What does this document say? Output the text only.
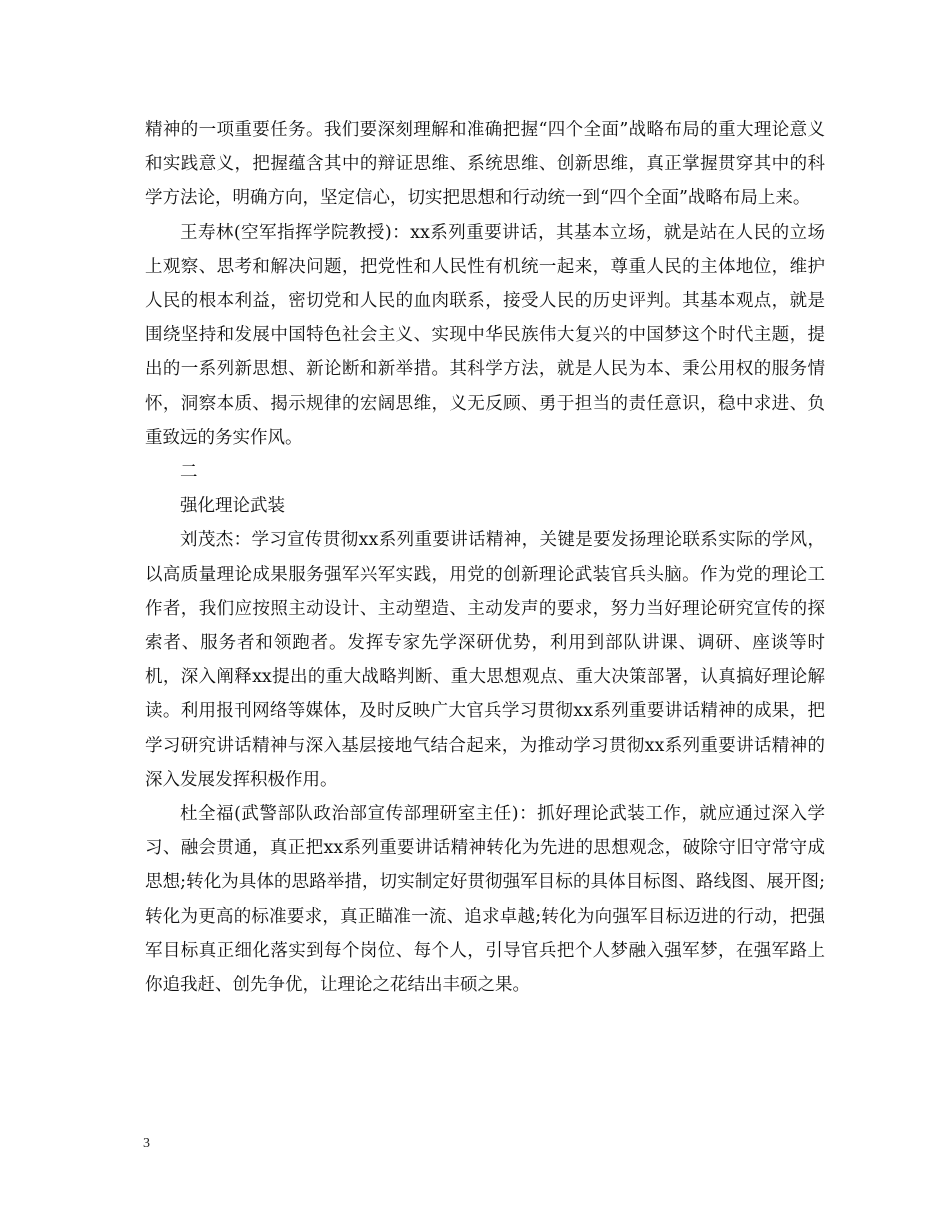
精神的一项重要任务。我们要深刻理解和准确把握“四个全面”战略布局的重大理论意义和实践意义，把握蕴含其中的辩证思维、系统思维、创新思维，真正掌握贯穿其中的科学方法论，明确方向，坚定信心，切实把思想和行动统一到“四个全面”战略布局上来。

王寿林(空军指挥学院教授)：xx系列重要讲话，其基本立场，就是站在人民的立场上观察、思考和解决问题，把党性和人民性有机统一起来，尊重人民的主体地位，维护人民的根本利益，密切党和人民的血肉联系，接受人民的历史评判。其基本观点，就是围绕坚持和发展中国特色社会主义、实现中华民族伟大复兴的中国梦这个时代主题，提出的一系列新思想、新论断和新举措。其科学方法，就是人民为本、秉公用权的服务情怀，洞察本质、揭示规律的宏阔思维，义无反顾、勇于担当的责任意识，稳中求进、负重致远的务实作风。

二

强化理论武装

刘茂杰：学习宣传贯彻xx系列重要讲话精神，关键是要发扬理论联系实际的学风，以高质量理论成果服务强军兴军实践，用党的创新理论武装官兵头脑。作为党的理论工作者，我们应按照主动设计、主动塑造、主动发声的要求，努力当好理论研究宣传的探索者、服务者和领跑者。发挥专家先学深研优势，利用到部队讲课、调研、座谈等时机，深入阐释xx提出的重大战略判断、重大思想观点、重大决策部署，认真搞好理论解读。利用报刊网络等媒体，及时反映广大官兵学习贯彻xx系列重要讲话精神的成果，把学习研究讲话精神与深入基层接地气结合起来，为推动学习贯彻xx系列重要讲话精神的深入发展发挥积极作用。

杜全福(武警部队政治部宣传部理研室主任)：抓好理论武装工作，就应通过深入学习、融会贯通，真正把xx系列重要讲话精神转化为先进的思想观念，破除守旧守常守成思想;转化为具体的思路举措，切实制定好贯彻强军目标的具体目标图、路线图、展开图;转化为更高的标准要求，真正瞄准一流、追求卓越;转化为向强军目标迈进的行动，把强军目标真正细化落实到每个岗位、每个人，引导官兵把个人梦融入强军梦，在强军路上你追我赶、创先争优，让理论之花结出丰硕之果。

3
